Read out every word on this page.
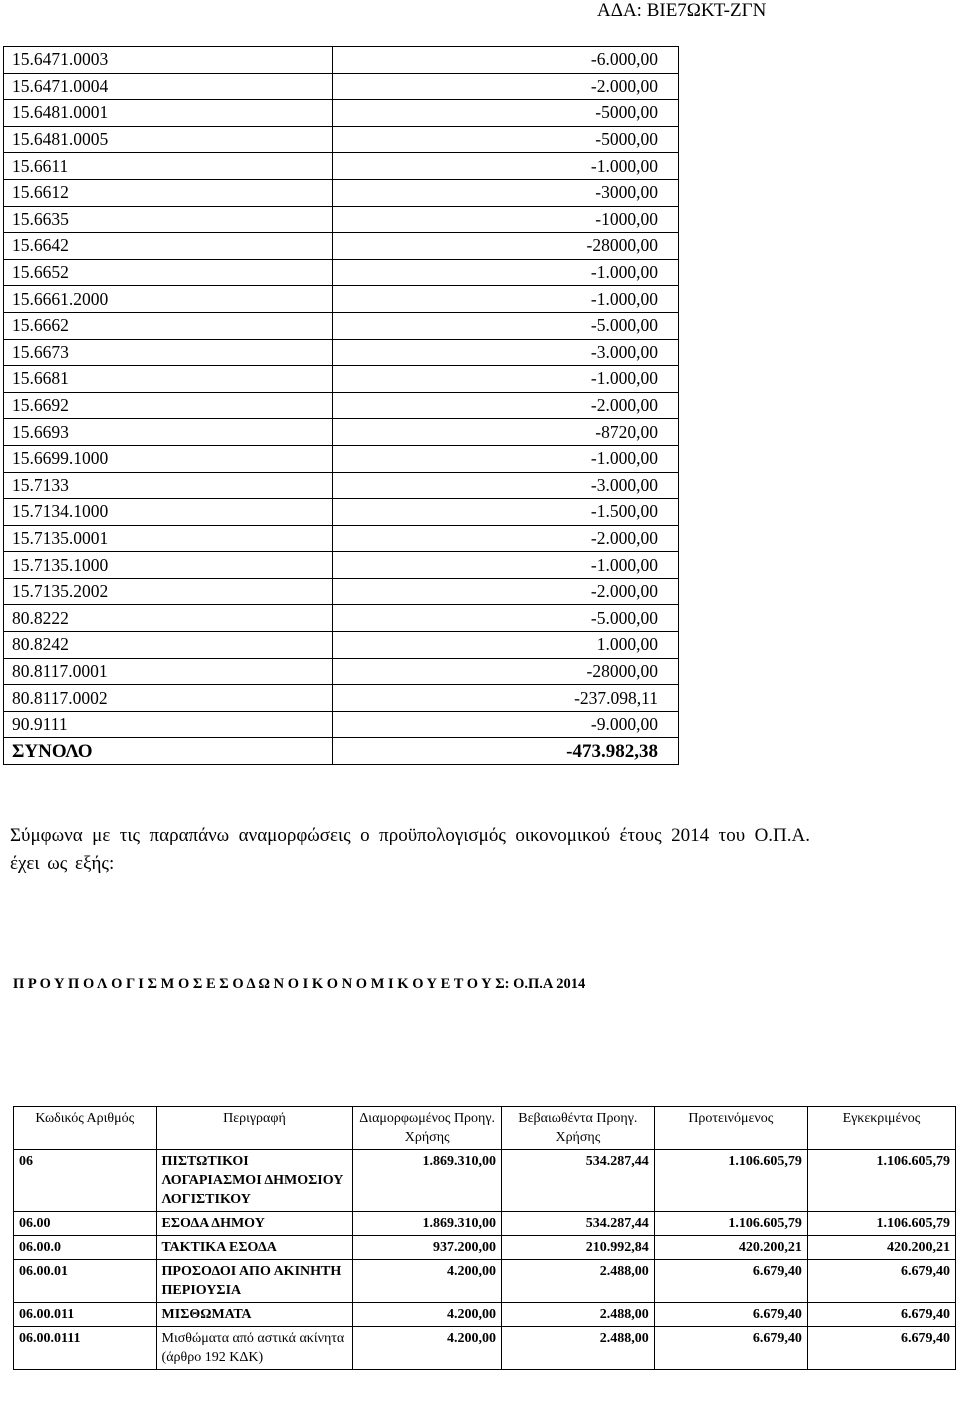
ΑΔΑ: ΒΙΕ7ΩΚΤ-ΖΓΝ
15.6471.0003	-6.000,00
15.6471.0004	-2.000,00
15.6481.0001	-5000,00
15.6481.0005	-5000,00
15.6611	-1.000,00
15.6612	-3000,00
15.6635	-1000,00
15.6642	-28000,00
15.6652	-1.000,00
15.6661.2000	-1.000,00
15.6662	-5.000,00
15.6673	-3.000,00
15.6681	-1.000,00
15.6692	-2.000,00
15.6693	-8720,00
15.6699.1000	-1.000,00
15.7133	-3.000,00
15.7134.1000	-1.500,00
15.7135.0001	-2.000,00
15.7135.1000	-1.000,00
15.7135.2002	-2.000,00
80.8222	-5.000,00
80.8242	1.000,00
80.8117.0001	-28000,00
80.8117.0002	-237.098,11
90.9111	-9.000,00
ΣΥΝΟΛΟ	-473.982,38
Σύμφωνα με τις παραπάνω αναμορφώσεις ο προϋπολογισμός οικονομικού έτους 2014 του Ο.Π.Α. έχει ως εξής:
Π Ρ Ο Υ Π Ο Λ Ο Γ Ι Σ Μ Ο Σ Ε Σ Ο Δ Ω Ν Ο Ι Κ Ο Ν Ο Μ Ι Κ Ο Υ Ε Τ Ο Υ Σ: Ο.Π.Α 2014
Κωδικός Αριθμός	Περιγραφή	Διαμορφωμένος Προηγ. Χρήσης	Βεβαιωθέντα Προηγ. Χρήσης	Προτεινόμενος	Εγκεκριμένος
06	ΠΙΣΤΩΤΙΚΟΙ ΛΟΓΑΡΙΑΣΜΟΙ ΔΗΜΟΣΙΟΥ ΛΟΓΙΣΤΙΚΟΥ	1.869.310,00	534.287,44	1.106.605,79	1.106.605,79
06.00	ΕΣΟΔΑ ΔΗΜΟΥ	1.869.310,00	534.287,44	1.106.605,79	1.106.605,79
06.00.0	ΤΑΚΤΙΚΑ ΕΣΟΔΑ	937.200,00	210.992,84	420.200,21	420.200,21
06.00.01	ΠΡΟΣΟΔΟΙ ΑΠΟ ΑΚΙΝΗΤΗ ΠΕΡΙΟΥΣΙΑ	4.200,00	2.488,00	6.679,40	6.679,40
06.00.011	ΜΙΣΘΩΜΑΤΑ	4.200,00	2.488,00	6.679,40	6.679,40
06.00.0111	Μισθώματα από αστικά ακίνητα (άρθρο 192 ΚΔΚ)	4.200,00	2.488,00	6.679,40	6.679,40
